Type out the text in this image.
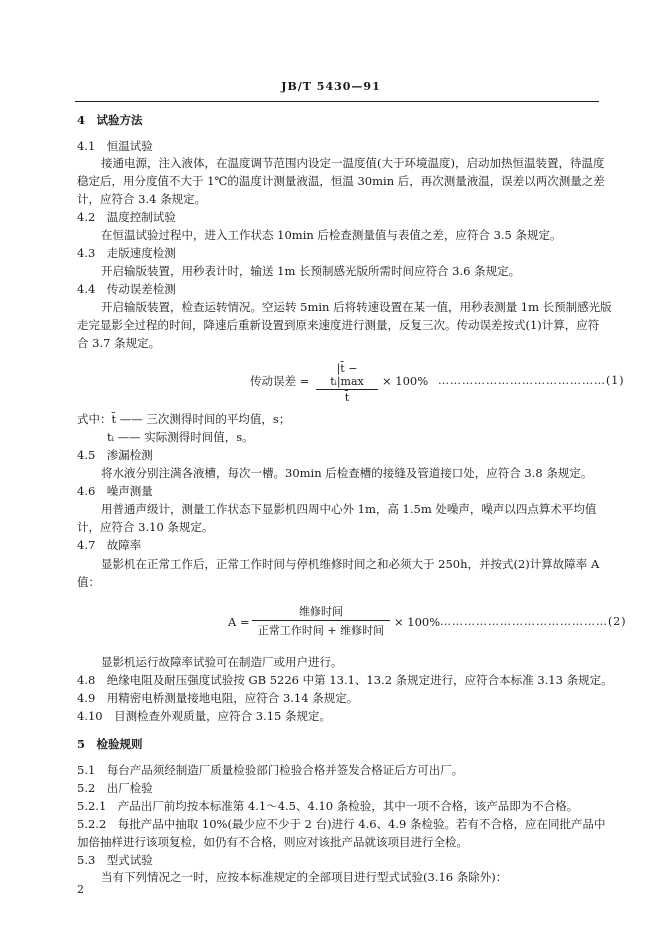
JB/T 5430—91
4　试验方法
4.1　恒温试验
接通电源，注入液体，在温度调节范围内设定一温度值(大于环境温度)，启动加热恒温装置，待温度
稳定后，用分度值不大于 1℃的温度计测量液温，恒温 30min 后，再次测量液温，误差以两次测量之差
计，应符合 3.4 条规定。
4.2　温度控制试验
在恒温试验过程中，进入工作状态 10min 后检查测量值与表值之差，应符合 3.5 条规定。
4.3　走版速度检测
开启输版装置，用秒表计时，输送 1m 长预制感光版所需时间应符合 3.6 条规定。
4.4　传动误差检测
开启输版装置，检查运转情况。空运转 5min 后将转速设置在某一值，用秒表测量 1m 长预制感光版
走完显影全过程的时间，降速后重新设置到原来速度进行测量，反复三次。传动误差按式(1)计算，应符
合 3.7 条规定。
传动误差 =
|t̄ − tᵢ|max
t̄
× 100% ……………………………………(1)
式中：t̄ —— 三次测得时间的平均值，s；
tᵢ —— 实际测得时间值，s。
4.5　渗漏检测
将水液分别注满各液槽，每次一槽。30min 后检查槽的接缝及管道接口处，应符合 3.8 条规定。
4.6　噪声测量
用普通声级计，测量工作状态下显影机四周中心外 1m，高 1.5m 处噪声，噪声以四点算术平均值
计，应符合 3.10 条规定。
4.7　故障率
显影机在正常工作后，正常工作时间与停机维修时间之和必须大于 250h，并按式(2)计算故障率 A
值：
A =
维修时间
正常工作时间 + 维修时间
× 100% ……………………………………(2)
显影机运行故障率试验可在制造厂或用户进行。
4.8　绝缘电阻及耐压强度试验按 GB 5226 中第 13.1、13.2 条规定进行，应符合本标准 3.13 条规定。
4.9　用精密电桥测量接地电阻，应符合 3.14 条规定。
4.10　目测检查外观质量，应符合 3.15 条规定。
5　检验规则
5.1　每台产品须经制造厂质量检验部门检验合格并签发合格证后方可出厂。
5.2　出厂检验
5.2.1　产品出厂前均按本标准第 4.1～4.5、4.10 条检验，其中一项不合格，该产品即为不合格。
5.2.2　每批产品中抽取 10%(最少应不少于 2 台)进行 4.6、4.9 条检验。若有不合格，应在同批产品中
加倍抽样进行该项复检，如仍有不合格，则应对该批产品就该项目进行全检。
5.3　型式试验
当有下列情况之一时，应按本标准规定的全部项目进行型式试验(3.16 条除外)：
2
